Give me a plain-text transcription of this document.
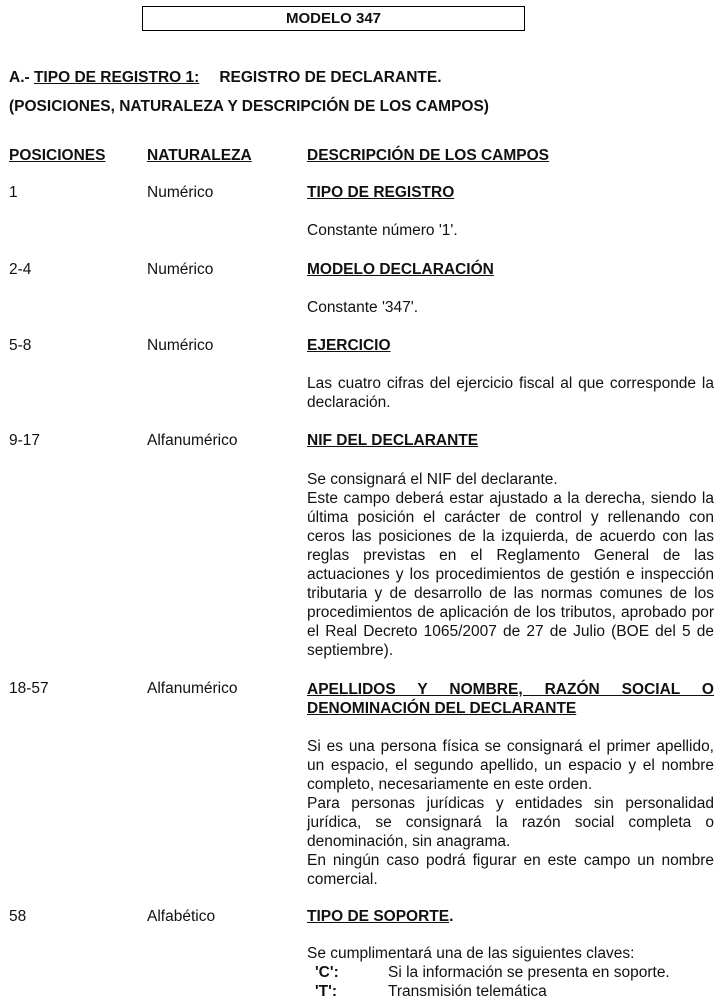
MODELO 347
A.- TIPO DE REGISTRO 1: REGISTRO DE DECLARANTE.
(POSICIONES, NATURALEZA Y DESCRIPCIÓN DE LOS CAMPOS)
POSICIONES	NATURALEZA	DESCRIPCIÓN DE LOS CAMPOS
1	Numérico	TIPO DE REGISTRO
Constante número '1'.
2-4	Numérico	MODELO DECLARACIÓN
Constante '347'.
5-8	Numérico	EJERCICIO
Las cuatro cifras del ejercicio fiscal al que corresponde la declaración.
9-17	Alfanumérico	NIF DEL DECLARANTE
Se consignará el NIF del declarante.
Este campo deberá estar ajustado a la derecha, siendo la última posición el carácter de control y rellenando con ceros las posiciones de la izquierda, de acuerdo con las reglas previstas en el Reglamento General de las actuaciones y los procedimientos de gestión e inspección tributaria y de desarrollo de las normas comunes de los procedimientos de aplicación de los tributos, aprobado por el Real Decreto 1065/2007 de 27 de Julio (BOE del 5 de septiembre).
18-57	Alfanumérico	APELLIDOS Y NOMBRE, RAZÓN SOCIAL O DENOMINACIÓN DEL DECLARANTE
Si es una persona física se consignará el primer apellido, un espacio, el segundo apellido, un espacio y el nombre completo, necesariamente en este orden.
Para personas jurídicas y entidades sin personalidad jurídica, se consignará la razón social completa o denominación, sin anagrama.
En ningún caso podrá figurar en este campo un nombre comercial.
58	Alfabético	TIPO DE SOPORTE.
Se cumplimentará una de las siguientes claves:
'C':	Si la información se presenta en soporte.
'T':	Transmisión telemática
